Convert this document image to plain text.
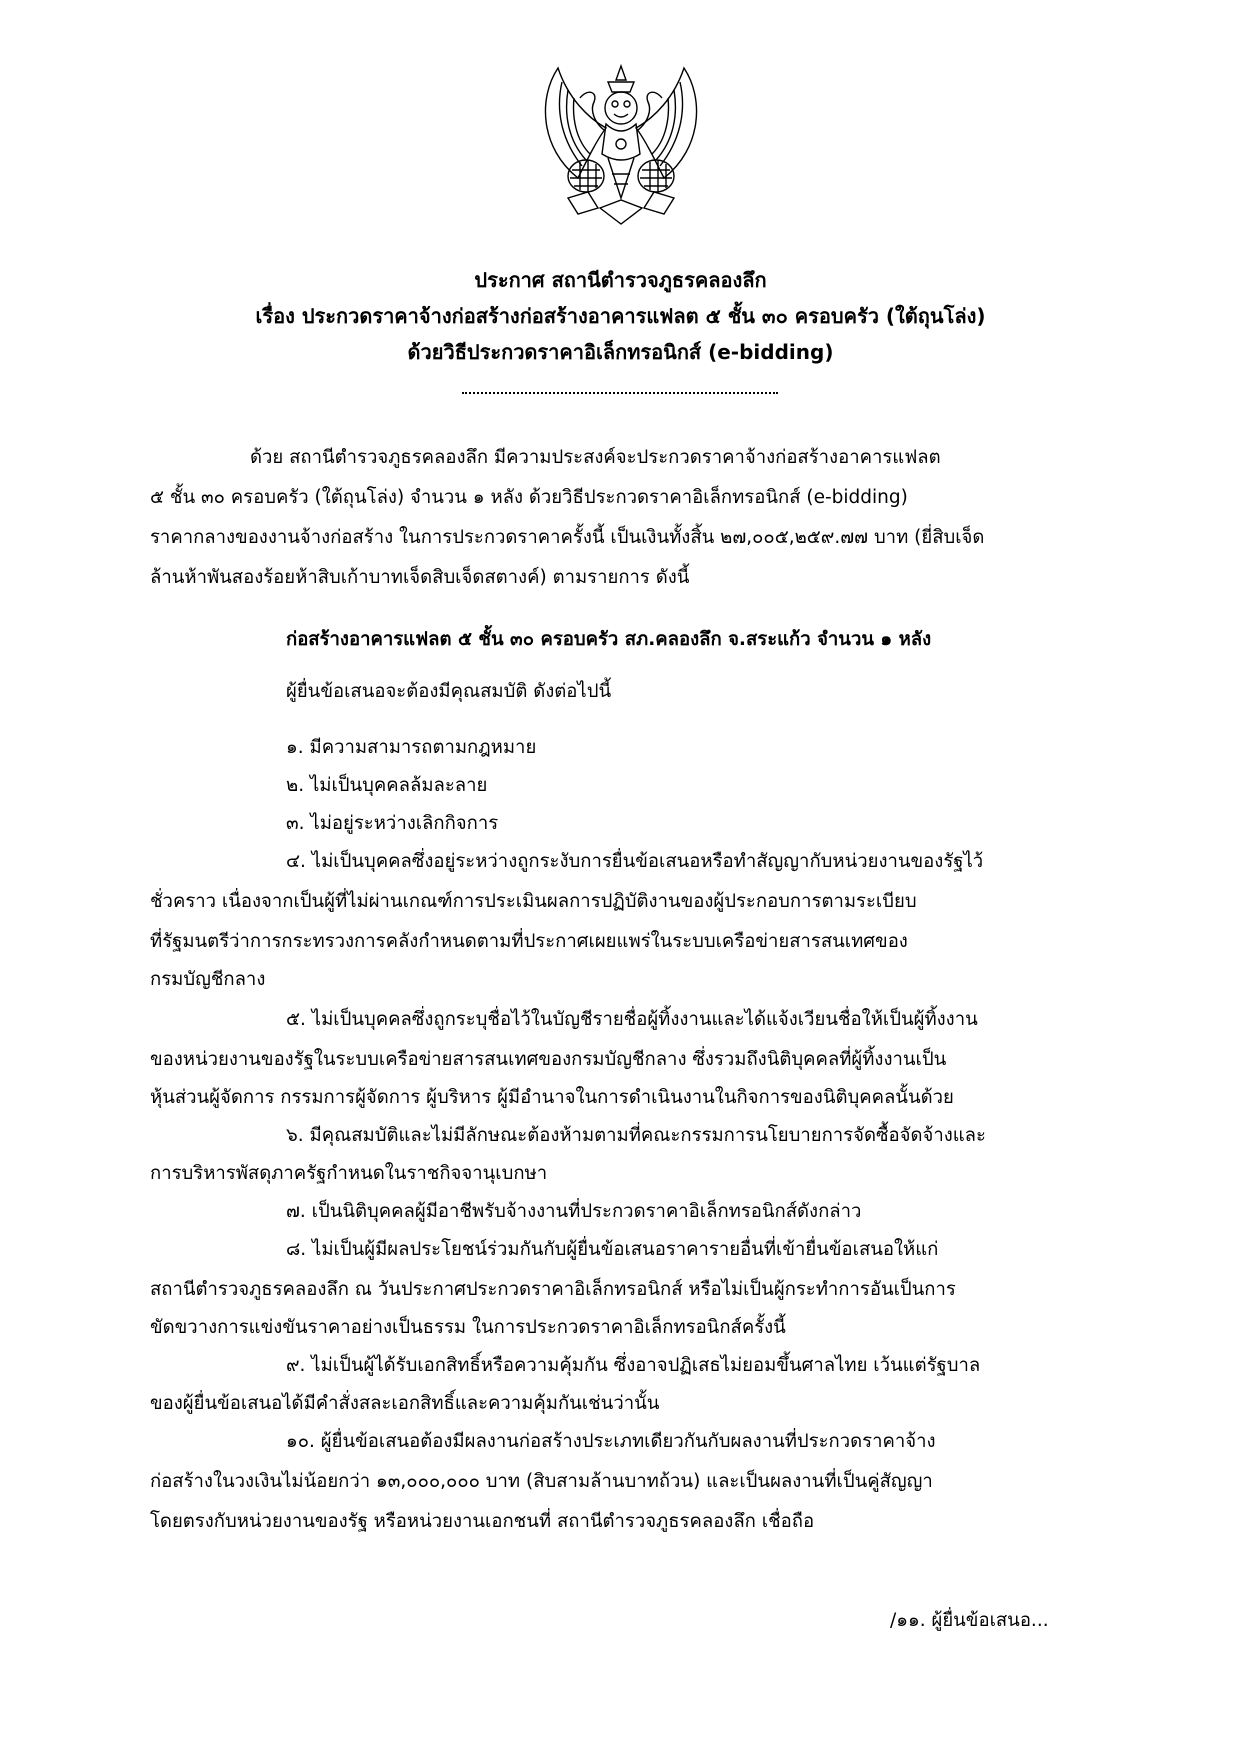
ประกาศ สถานีตำรวจภูธรคลองลึก
เรื่อง ประกวดราคาจ้างก่อสร้างก่อสร้างอาคารแฟลต ๕ ชั้น ๓๐ ครอบครัว (ใต้ถุนโล่ง)
ด้วยวิธีประกวดราคาอิเล็กทรอนิกส์ (e-bidding)
ด้วย สถานีตำรวจภูธรคลองลึก มีความประสงค์จะประกวดราคาจ้างก่อสร้างอาคารแฟลต
๕ ชั้น ๓๐ ครอบครัว (ใต้ถุนโล่ง) จำนวน ๑ หลัง ด้วยวิธีประกวดราคาอิเล็กทรอนิกส์ (e-bidding)
ราคากลางของงานจ้างก่อสร้าง ในการประกวดราคาครั้งนี้ เป็นเงินทั้งสิ้น ๒๗,๐๐๕,๒๕๙.๗๗ บาท (ยี่สิบเจ็ด
ล้านห้าพันสองร้อยห้าสิบเก้าบาทเจ็ดสิบเจ็ดสตางค์) ตามรายการ ดังนี้
ก่อสร้างอาคารแฟลต ๕ ชั้น ๓๐ ครอบครัว สภ.คลองลึก จ.สระแก้ว จำนวน ๑ หลัง
ผู้ยื่นข้อเสนอจะต้องมีคุณสมบัติ ดังต่อไปนี้
๑. มีความสามารถตามกฎหมาย
๒. ไม่เป็นบุคคลล้มละลาย
๓. ไม่อยู่ระหว่างเลิกกิจการ
๔. ไม่เป็นบุคคลซึ่งอยู่ระหว่างถูกระงับการยื่นข้อเสนอหรือทำสัญญากับหน่วยงานของรัฐไว้
ชั่วคราว เนื่องจากเป็นผู้ที่ไม่ผ่านเกณฑ์การประเมินผลการปฏิบัติงานของผู้ประกอบการตามระเบียบ
ที่รัฐมนตรีว่าการกระทรวงการคลังกำหนดตามที่ประกาศเผยแพร่ในระบบเครือข่ายสารสนเทศของ
กรมบัญชีกลาง
๕. ไม่เป็นบุคคลซึ่งถูกระบุชื่อไว้ในบัญชีรายชื่อผู้ทิ้งงานและได้แจ้งเวียนชื่อให้เป็นผู้ทิ้งงาน
ของหน่วยงานของรัฐในระบบเครือข่ายสารสนเทศของกรมบัญชีกลาง ซึ่งรวมถึงนิติบุคคลที่ผู้ทิ้งงานเป็น
หุ้นส่วนผู้จัดการ กรรมการผู้จัดการ ผู้บริหาร ผู้มีอำนาจในการดำเนินงานในกิจการของนิติบุคคลนั้นด้วย
๖. มีคุณสมบัติและไม่มีลักษณะต้องห้ามตามที่คณะกรรมการนโยบายการจัดซื้อจัดจ้างและ
การบริหารพัสดุภาครัฐกำหนดในราชกิจจานุเบกษา
๗. เป็นนิติบุคคลผู้มีอาชีพรับจ้างงานที่ประกวดราคาอิเล็กทรอนิกส์ดังกล่าว
๘. ไม่เป็นผู้มีผลประโยชน์ร่วมกันกับผู้ยื่นข้อเสนอราคารายอื่นที่เข้ายื่นข้อเสนอให้แก่
สถานีตำรวจภูธรคลองลึก ณ วันประกาศประกวดราคาอิเล็กทรอนิกส์ หรือไม่เป็นผู้กระทำการอันเป็นการ
ขัดขวางการแข่งขันราคาอย่างเป็นธรรม ในการประกวดราคาอิเล็กทรอนิกส์ครั้งนี้
๙. ไม่เป็นผู้ได้รับเอกสิทธิ์หรือความคุ้มกัน ซึ่งอาจปฏิเสธไม่ยอมขึ้นศาลไทย เว้นแต่รัฐบาล
ของผู้ยื่นข้อเสนอได้มีคำสั่งสละเอกสิทธิ์และความคุ้มกันเช่นว่านั้น
๑๐. ผู้ยื่นข้อเสนอต้องมีผลงานก่อสร้างประเภทเดียวกันกับผลงานที่ประกวดราคาจ้าง
ก่อสร้างในวงเงินไม่น้อยกว่า ๑๓,๐๐๐,๐๐๐ บาท (สิบสามล้านบาทถ้วน) และเป็นผลงานที่เป็นคู่สัญญา
โดยตรงกับหน่วยงานของรัฐ หรือหน่วยงานเอกชนที่ สถานีตำรวจภูธรคลองลึก เชื่อถือ
/๑๑. ผู้ยื่นข้อเสนอ...
